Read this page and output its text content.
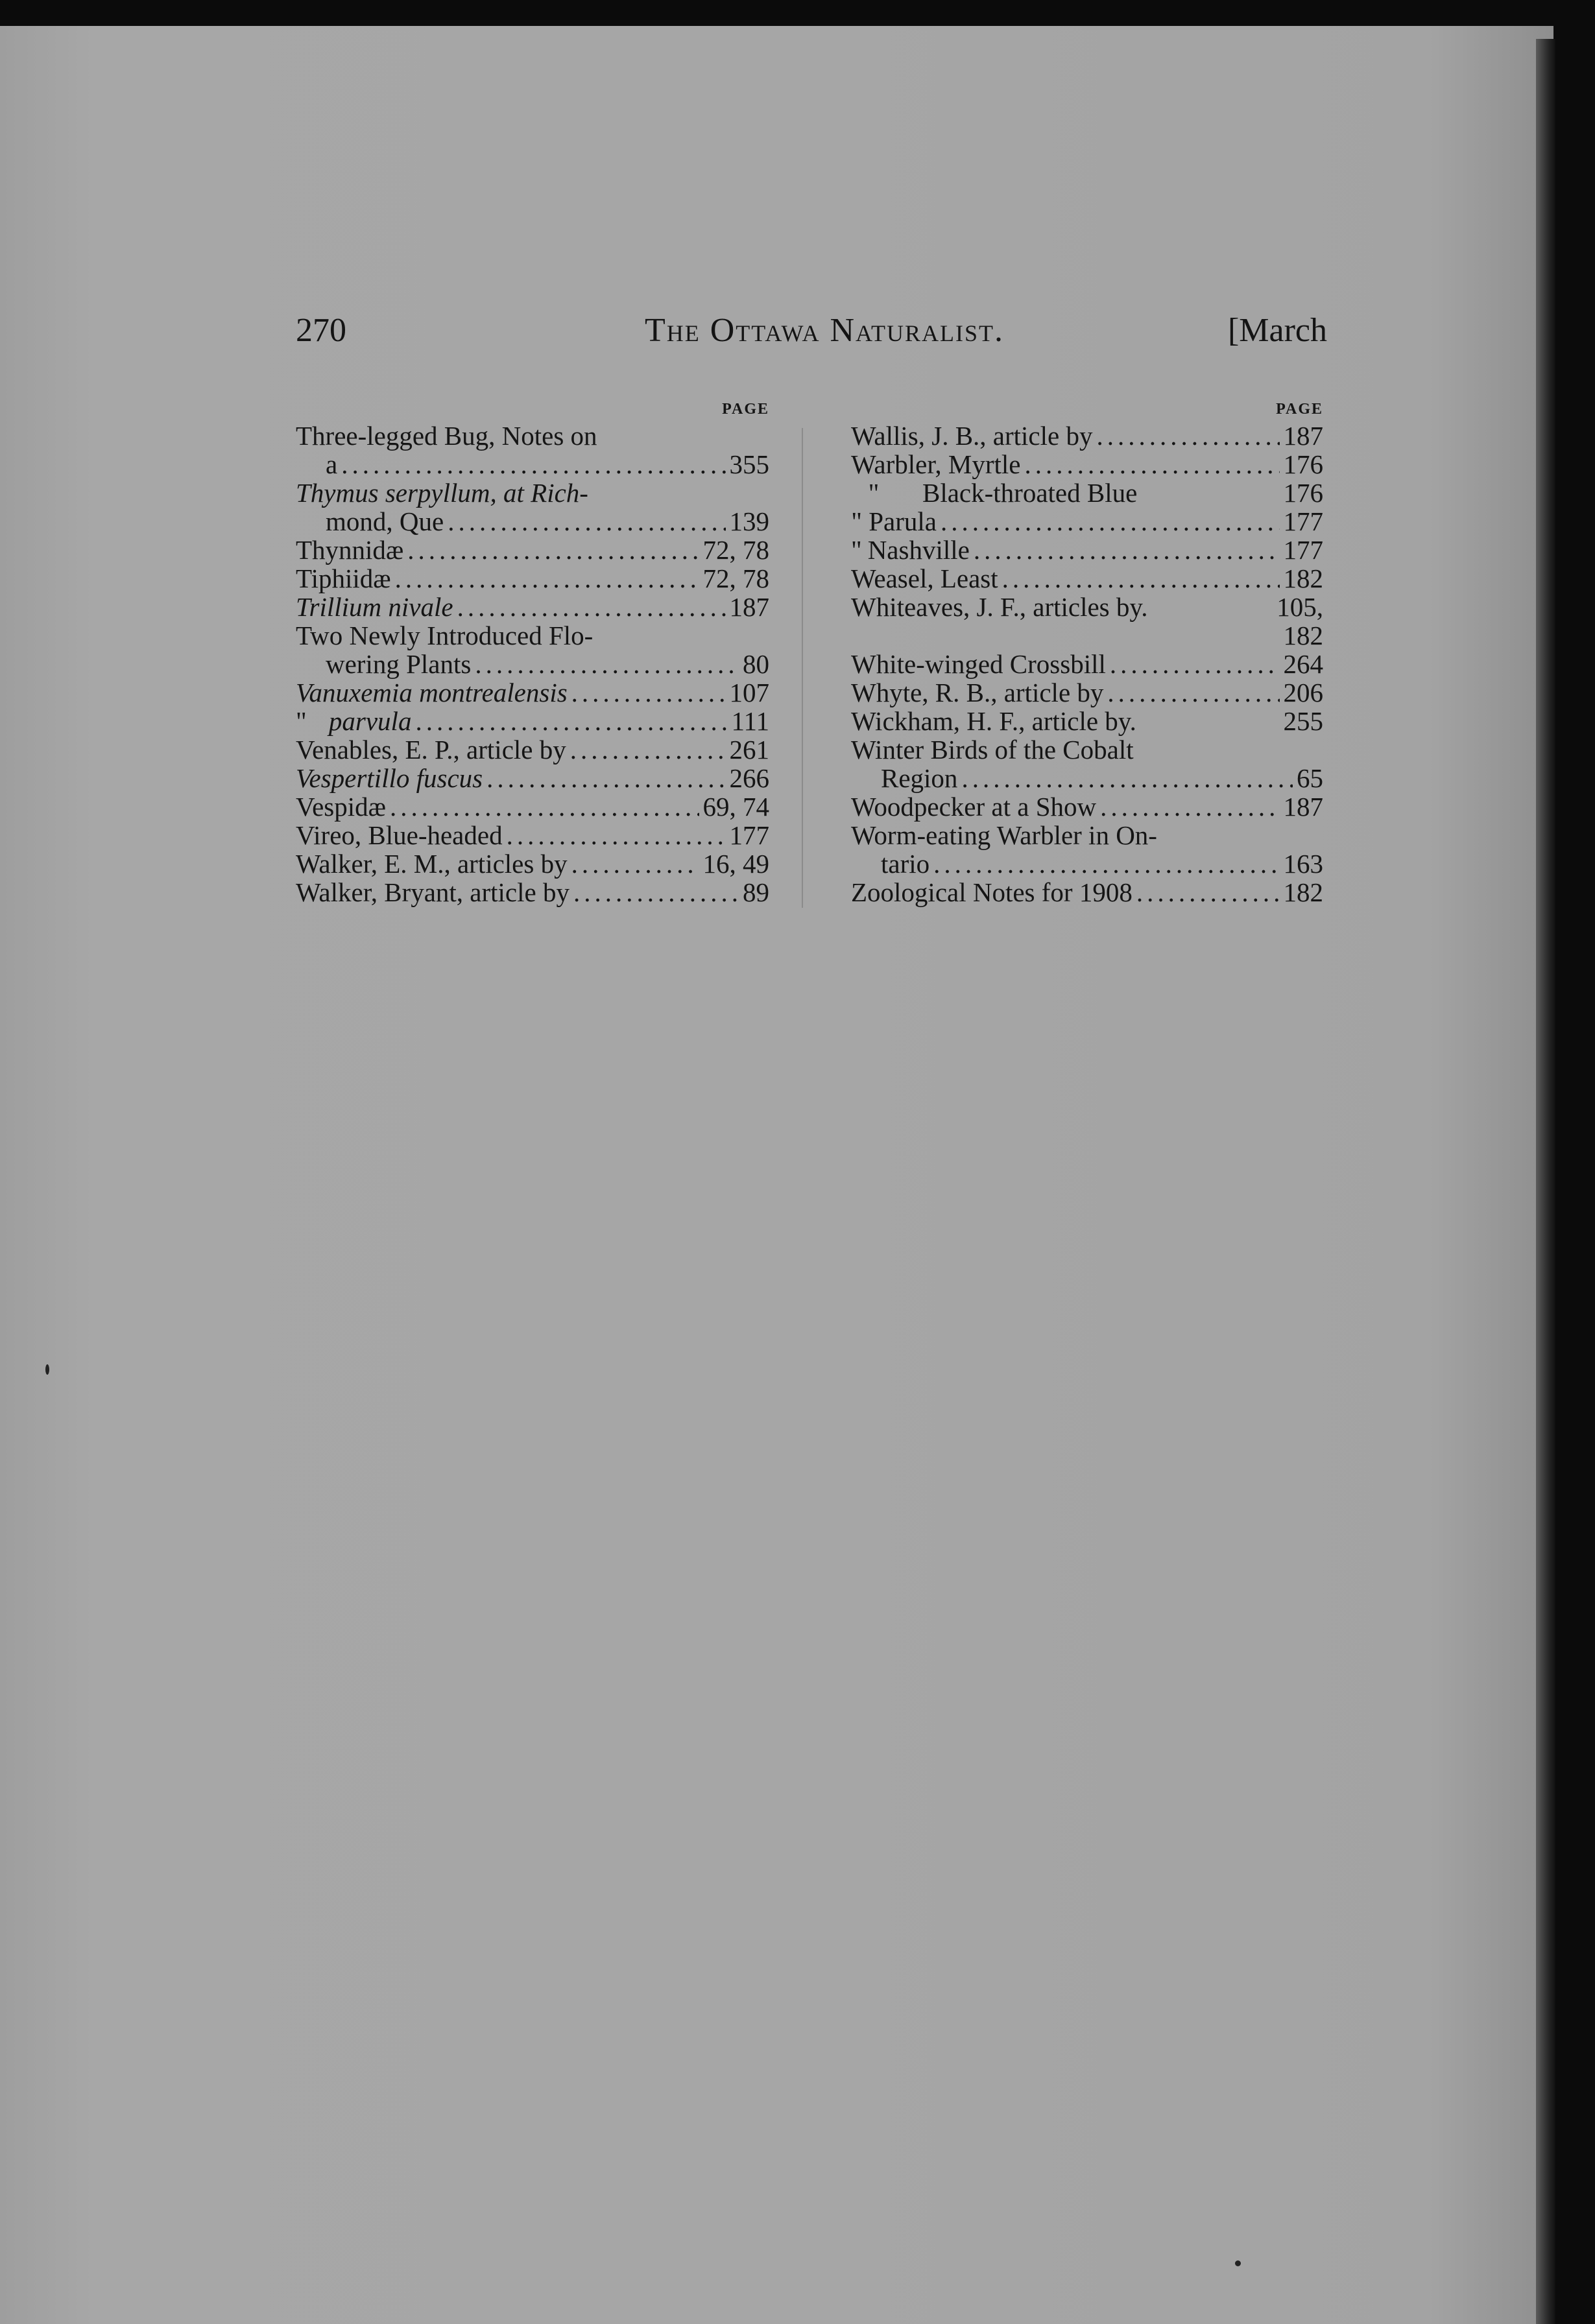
270	The Ottawa Naturalist.	[March
PAGE
Three-legged Bug, Notes on
a .....	355
Thymus serpyllum, at Rich-
mond, Que .....	139
Thynnidæ .....	72, 78
Tiphiidæ .....	72, 78
Trillium nivale .....	187
Two Newly Introduced Flo-
wering Plants .....	80
Vanuxemia montrealensis .....	107
" parvula .....	111
Venables, E. P., article by .....	261
Vespertillo fuscus .....	266
Vespidæ .....	69, 74
Vireo, Blue-headed .....	177
Walker, E. M., articles by .....	16, 49
Walker, Bryant, article by .....	89
PAGE
Wallis, J. B., article by .....	187
Warbler, Myrtle .....	176
"	Black-throated Blue	176
" Parula .....	177
" Nashville .....	177
Weasel, Least .....	182
Whiteaves, J. F., articles by.	105,
182
White-winged Crossbill .....	264
Whyte, R. B., article by .....	206
Wickham, H. F., article by.	255
Winter Birds of the Cobalt
Region .....	65
Woodpecker at a Show .....	187
Worm-eating Warbler in On-
tario .....	163
Zoological Notes for 1908 .....	182
